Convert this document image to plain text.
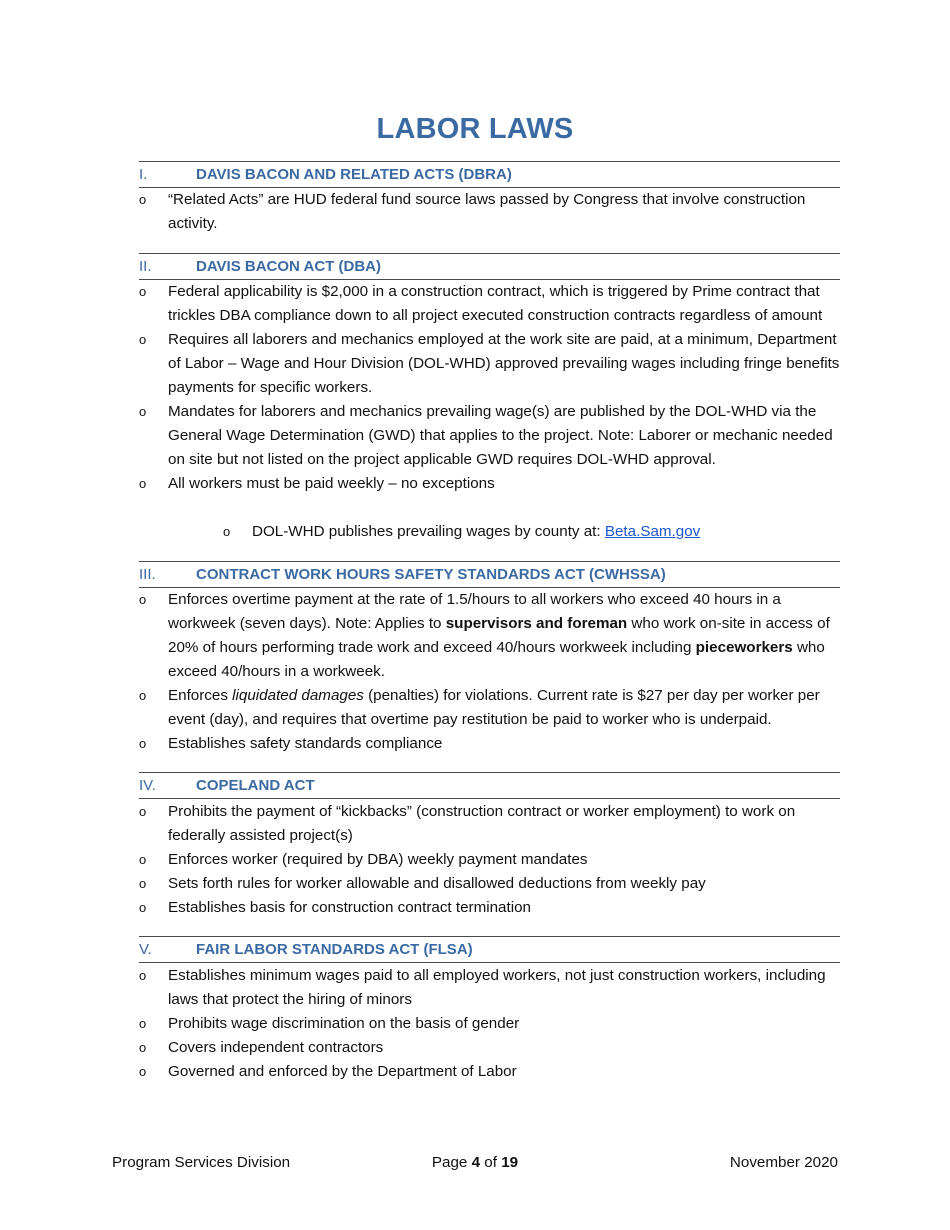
LABOR LAWS
I.	DAVIS BACON AND RELATED ACTS (DBRA)
o “Related Acts” are HUD federal fund source laws passed by Congress that involve construction activity.
II.	DAVIS BACON ACT (DBA)
o Federal applicability is $2,000 in a construction contract, which is triggered by Prime contract that trickles DBA compliance down to all project executed construction contracts regardless of amount
o Requires all laborers and mechanics employed at the work site are paid, at a minimum, Department of Labor – Wage and Hour Division (DOL-WHD) approved prevailing wages including fringe benefits payments for specific workers.
o Mandates for laborers and mechanics prevailing wage(s) are published by the DOL-WHD via the General Wage Determination (GWD) that applies to the project. Note: Laborer or mechanic needed on site but not listed on the project applicable GWD requires DOL-WHD approval.
o All workers must be paid weekly – no exceptions
o DOL-WHD publishes prevailing wages by county at: Beta.Sam.gov
III.	CONTRACT WORK HOURS SAFETY STANDARDS ACT (CWHSSA)
o Enforces overtime payment at the rate of 1.5/hours to all workers who exceed 40 hours in a workweek (seven days). Note: Applies to supervisors and foreman who work on-site in access of 20% of hours performing trade work and exceed 40/hours workweek including pieceworkers who exceed 40/hours in a workweek.
o Enforces liquidated damages (penalties) for violations. Current rate is $27 per day per worker per event (day), and requires that overtime pay restitution be paid to worker who is underpaid.
o Establishes safety standards compliance
IV.	COPELAND ACT
o Prohibits the payment of “kickbacks” (construction contract or worker employment) to work on federally assisted project(s)
o Enforces worker (required by DBA) weekly payment mandates
o Sets forth rules for worker allowable and disallowed deductions from weekly pay
o Establishes basis for construction contract termination
V.	FAIR LABOR STANDARDS ACT (FLSA)
o Establishes minimum wages paid to all employed workers, not just construction workers, including laws that protect the hiring of minors
o Prohibits wage discrimination on the basis of gender
o Covers independent contractors
o Governed and enforced by the Department of Labor
Program Services Division	Page 4 of 19	November 2020
